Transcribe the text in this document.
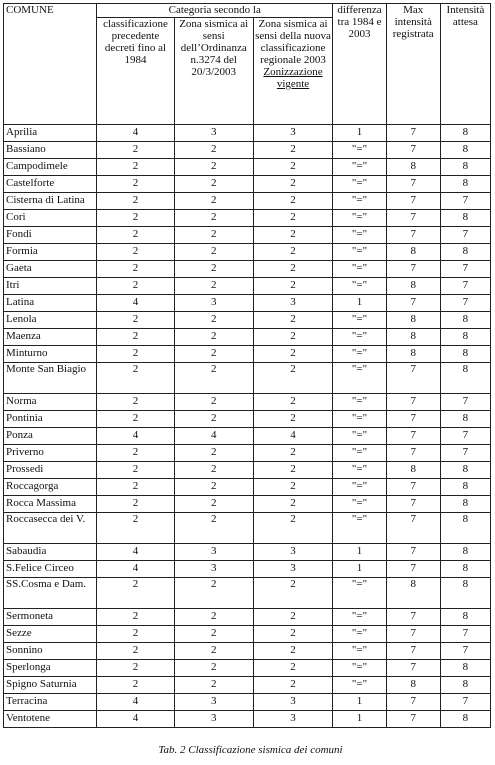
COMUNE	Categoria secondo la			differenza tra 1984 e 2003	Max intensità registrata	Intensità attesa
	classificazione precedente decreti fino al 1984	Zona sismica ai sensi dell’Ordinanza n.3274 del 20/3/2003	Zona sismica ai sensi della nuova classificazione regionale 2003
Zonizzazione vigente			
Aprilia	4	3	3	1	7	8
Bassiano	2	2	2	"="	7	8
Campodimele	2	2	2	"="	8	8
Castelforte	2	2	2	"="	7	8
Cisterna di Latina	2	2	2	"="	7	7
Cori	2	2	2	"="	7	8
Fondi	2	2	2	"="	7	7
Formia	2	2	2	"="	8	8
Gaeta	2	2	2	"="	7	7
Itri	2	2	2	"="	8	7
Latina	4	3	3	1	7	7
Lenola	2	2	2	"="	8	8
Maenza	2	2	2	"="	8	8
Minturno	2	2	2	"="	8	8
Monte San Biagio	2	2	2	"="	7	8
Norma	2	2	2	"="	7	7
Pontinia	2	2	2	"="	7	8
Ponza	4	4	4	"="	7	7
Priverno	2	2	2	"="	7	7
Prossedi	2	2	2	"="	8	8
Roccagorga	2	2	2	"="	7	8
Rocca Massima	2	2	2	"="	7	8
Roccasecca dei V.	2	2	2	"="	7	8
Sabaudia	4	3	3	1	7	8
S.Felice Circeo	4	3	3	1	7	8
SS.Cosma e Dam.	2	2	2	"="	8	8
Sermoneta	2	2	2	"="	7	8
Sezze	2	2	2	"="	7	7
Sonnino	2	2	2	"="	7	7
Sperlonga	2	2	2	"="	7	8
Spigno Saturnia	2	2	2	"="	8	8
Terracina	4	3	3	1	7	7
Ventotene	4	3	3	1	7	8
Tab. 2 Classificazione sismica dei comuni
